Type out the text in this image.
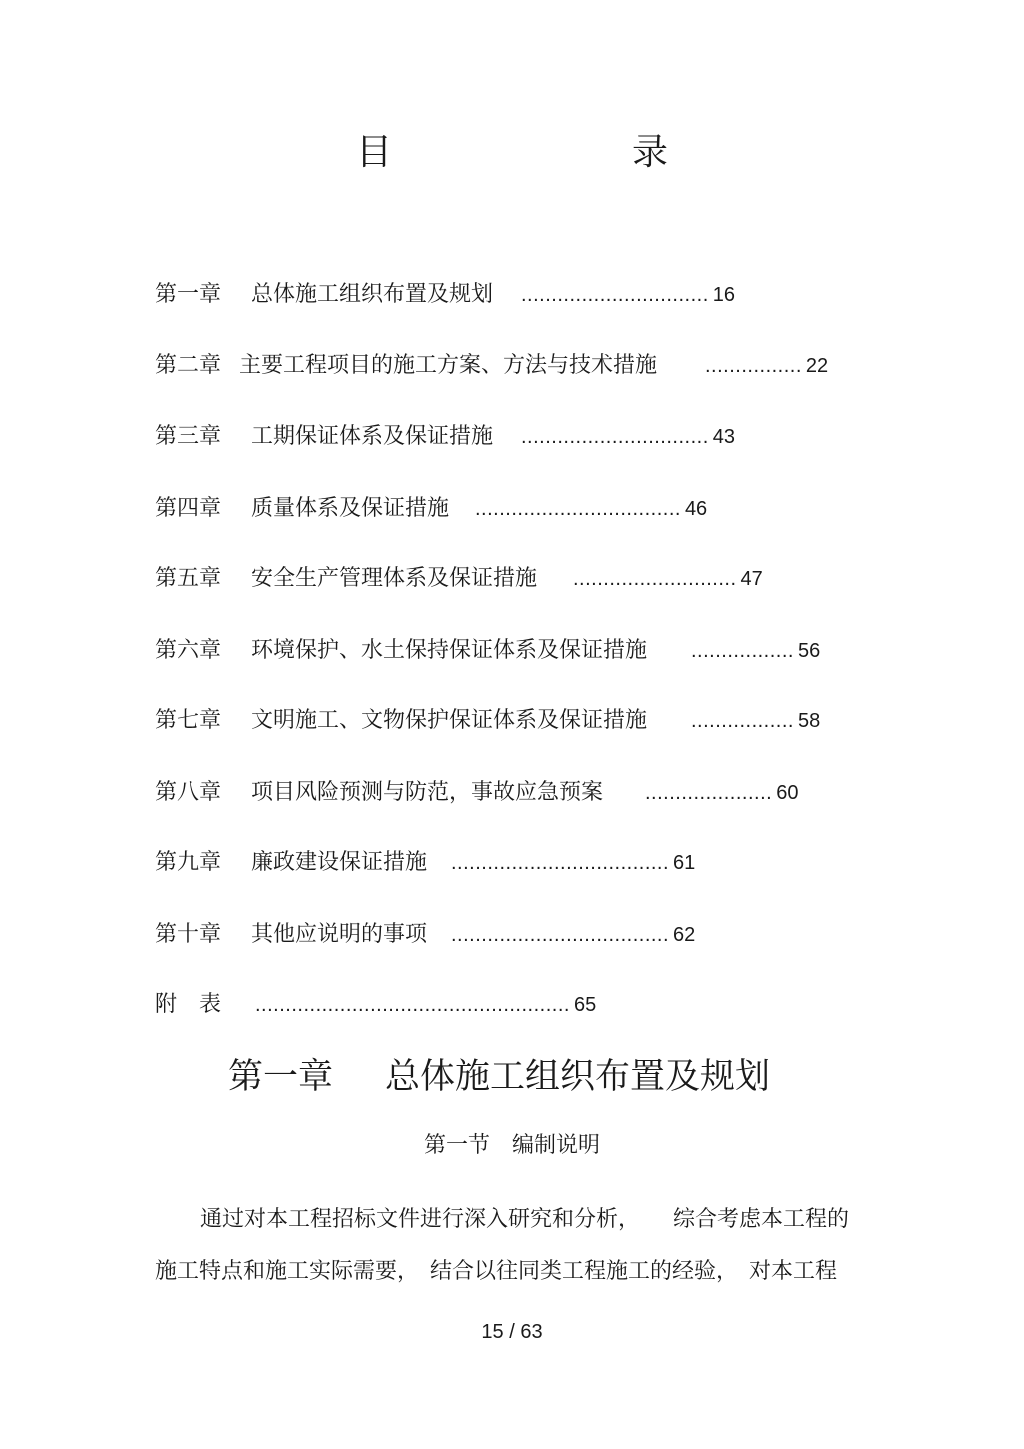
目　　录
第一章 总体施工组织布置及规划 ............................... 16
第二章 主要工程项目的施工方案、方法与技术措施 ................ 22
第三章 工期保证体系及保证措施 ............................... 43
第四章 质量体系及保证措施 .................................. 46
第五章 安全生产管理体系及保证措施 ........................... 47
第六章 环境保护、水土保持保证体系及保证措施 ................. 56
第七章 文明施工、文物保护保证体系及保证措施 ................. 58
第八章 项目风险预测与防范，事故应急预案 ..................... 60
第九章 廉政建设保证措施 .................................... 61
第十章 其他应说明的事项 .................................... 62
附　表 .................................................... 65
第一章 总体施工组织布置及规划
第一节　编制说明
通过对本工程招标文件进行深入研究和分析，　　综合考虑本工程的
施工特点和施工实际需要，　结合以往同类工程施工的经验，　对本工程
15 / 63
